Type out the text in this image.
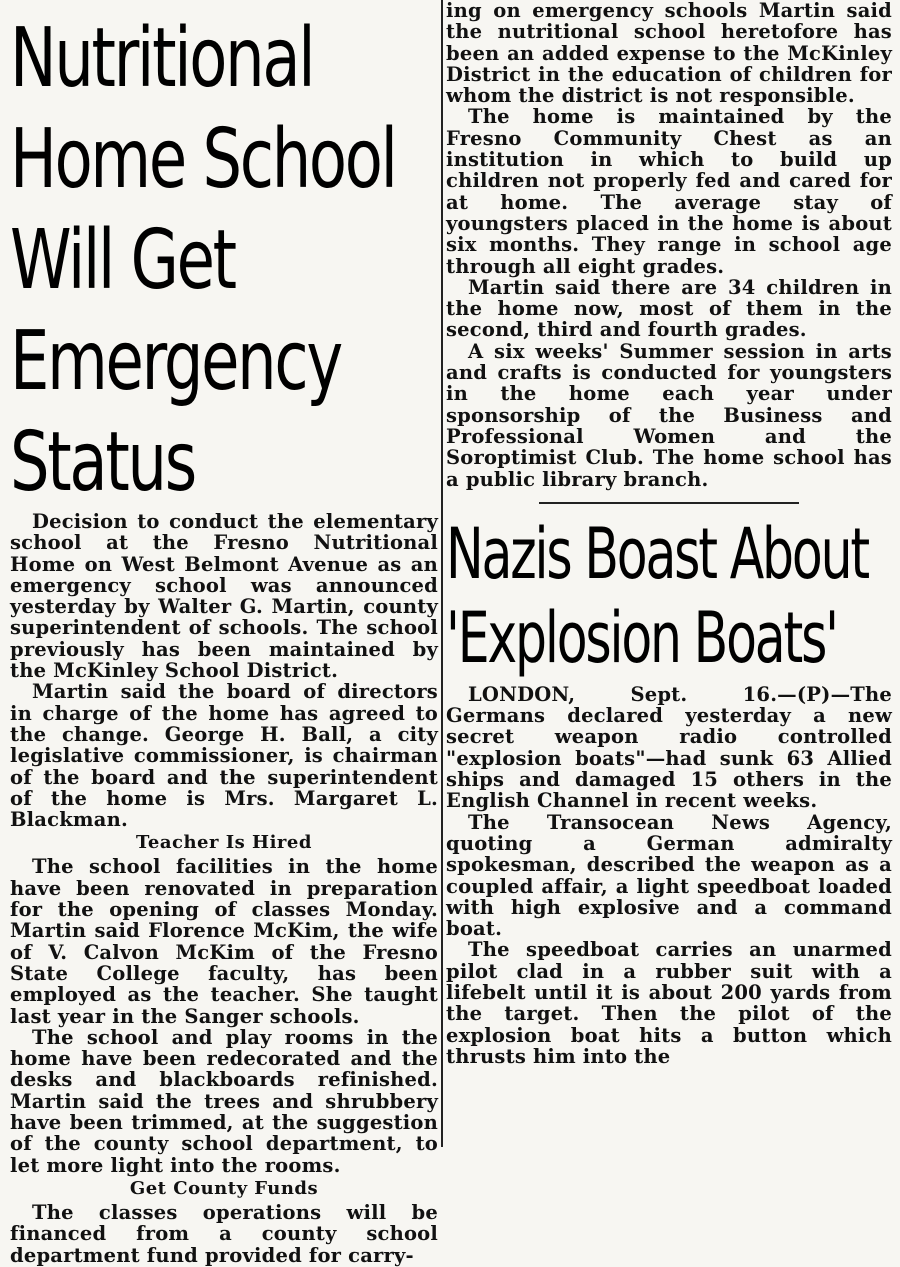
Nutritional Home School Will Get Emergency Status

Decision to conduct the elementary school at the Fresno Nutritional Home on West Belmont Avenue as an emergency school was announced yesterday by Walter G. Martin, county superintendent of schools. The school previously has been maintained by the McKinley School District.

Martin said the board of directors in charge of the home has agreed to the change. George H. Ball, a city legislative commissioner, is chairman of the board and the superintendent of the home is Mrs. Margaret L. Blackman.

Teacher Is Hired

The school facilities in the home have been renovated in preparation for the opening of classes Monday. Martin said Florence McKim, the wife of V. Calvon McKim of the Fresno State College faculty, has been employed as the teacher. She taught last year in the Sanger schools.

The school and play rooms in the home have been redecorated and the desks and blackboards refinished. Martin said the trees and shrubbery have been trimmed, at the suggestion of the county school department, to let more light into the rooms.

Get County Funds

The classes operations will be financed from a county school department fund provided for carry-

ing on emergency schools Martin said the nutritional school heretofore has been an added expense to the McKinley District in the education of children for whom the district is not responsible.

The home is maintained by the Fresno Community Chest as an institution in which to build up children not properly fed and cared for at home. The average stay of youngsters placed in the home is about six months. They range in school age through all eight grades.

Martin said there are 34 children in the home now, most of them in the second, third and fourth grades.

A six weeks' Summer session in arts and crafts is conducted for youngsters in the home each year under sponsorship of the Business and Professional Women and the Soroptimist Club. The home school has a public library branch.

Nazis Boast About 'Explosion Boats'

LONDON, Sept. 16.—(P)—The Germans declared yesterday a new secret weapon radio controlled "explosion boats"—had sunk 63 Allied ships and damaged 15 others in the English Channel in recent weeks.

The Transocean News Agency, quoting a German admiralty spokesman, described the weapon as a coupled affair, a light speedboat loaded with high explosive and a command boat.

The speedboat carries an unarmed pilot clad in a rubber suit with a lifebelt until it is about 200 yards from the target. Then the pilot of the explosion boat hits a button which thrusts him into the
